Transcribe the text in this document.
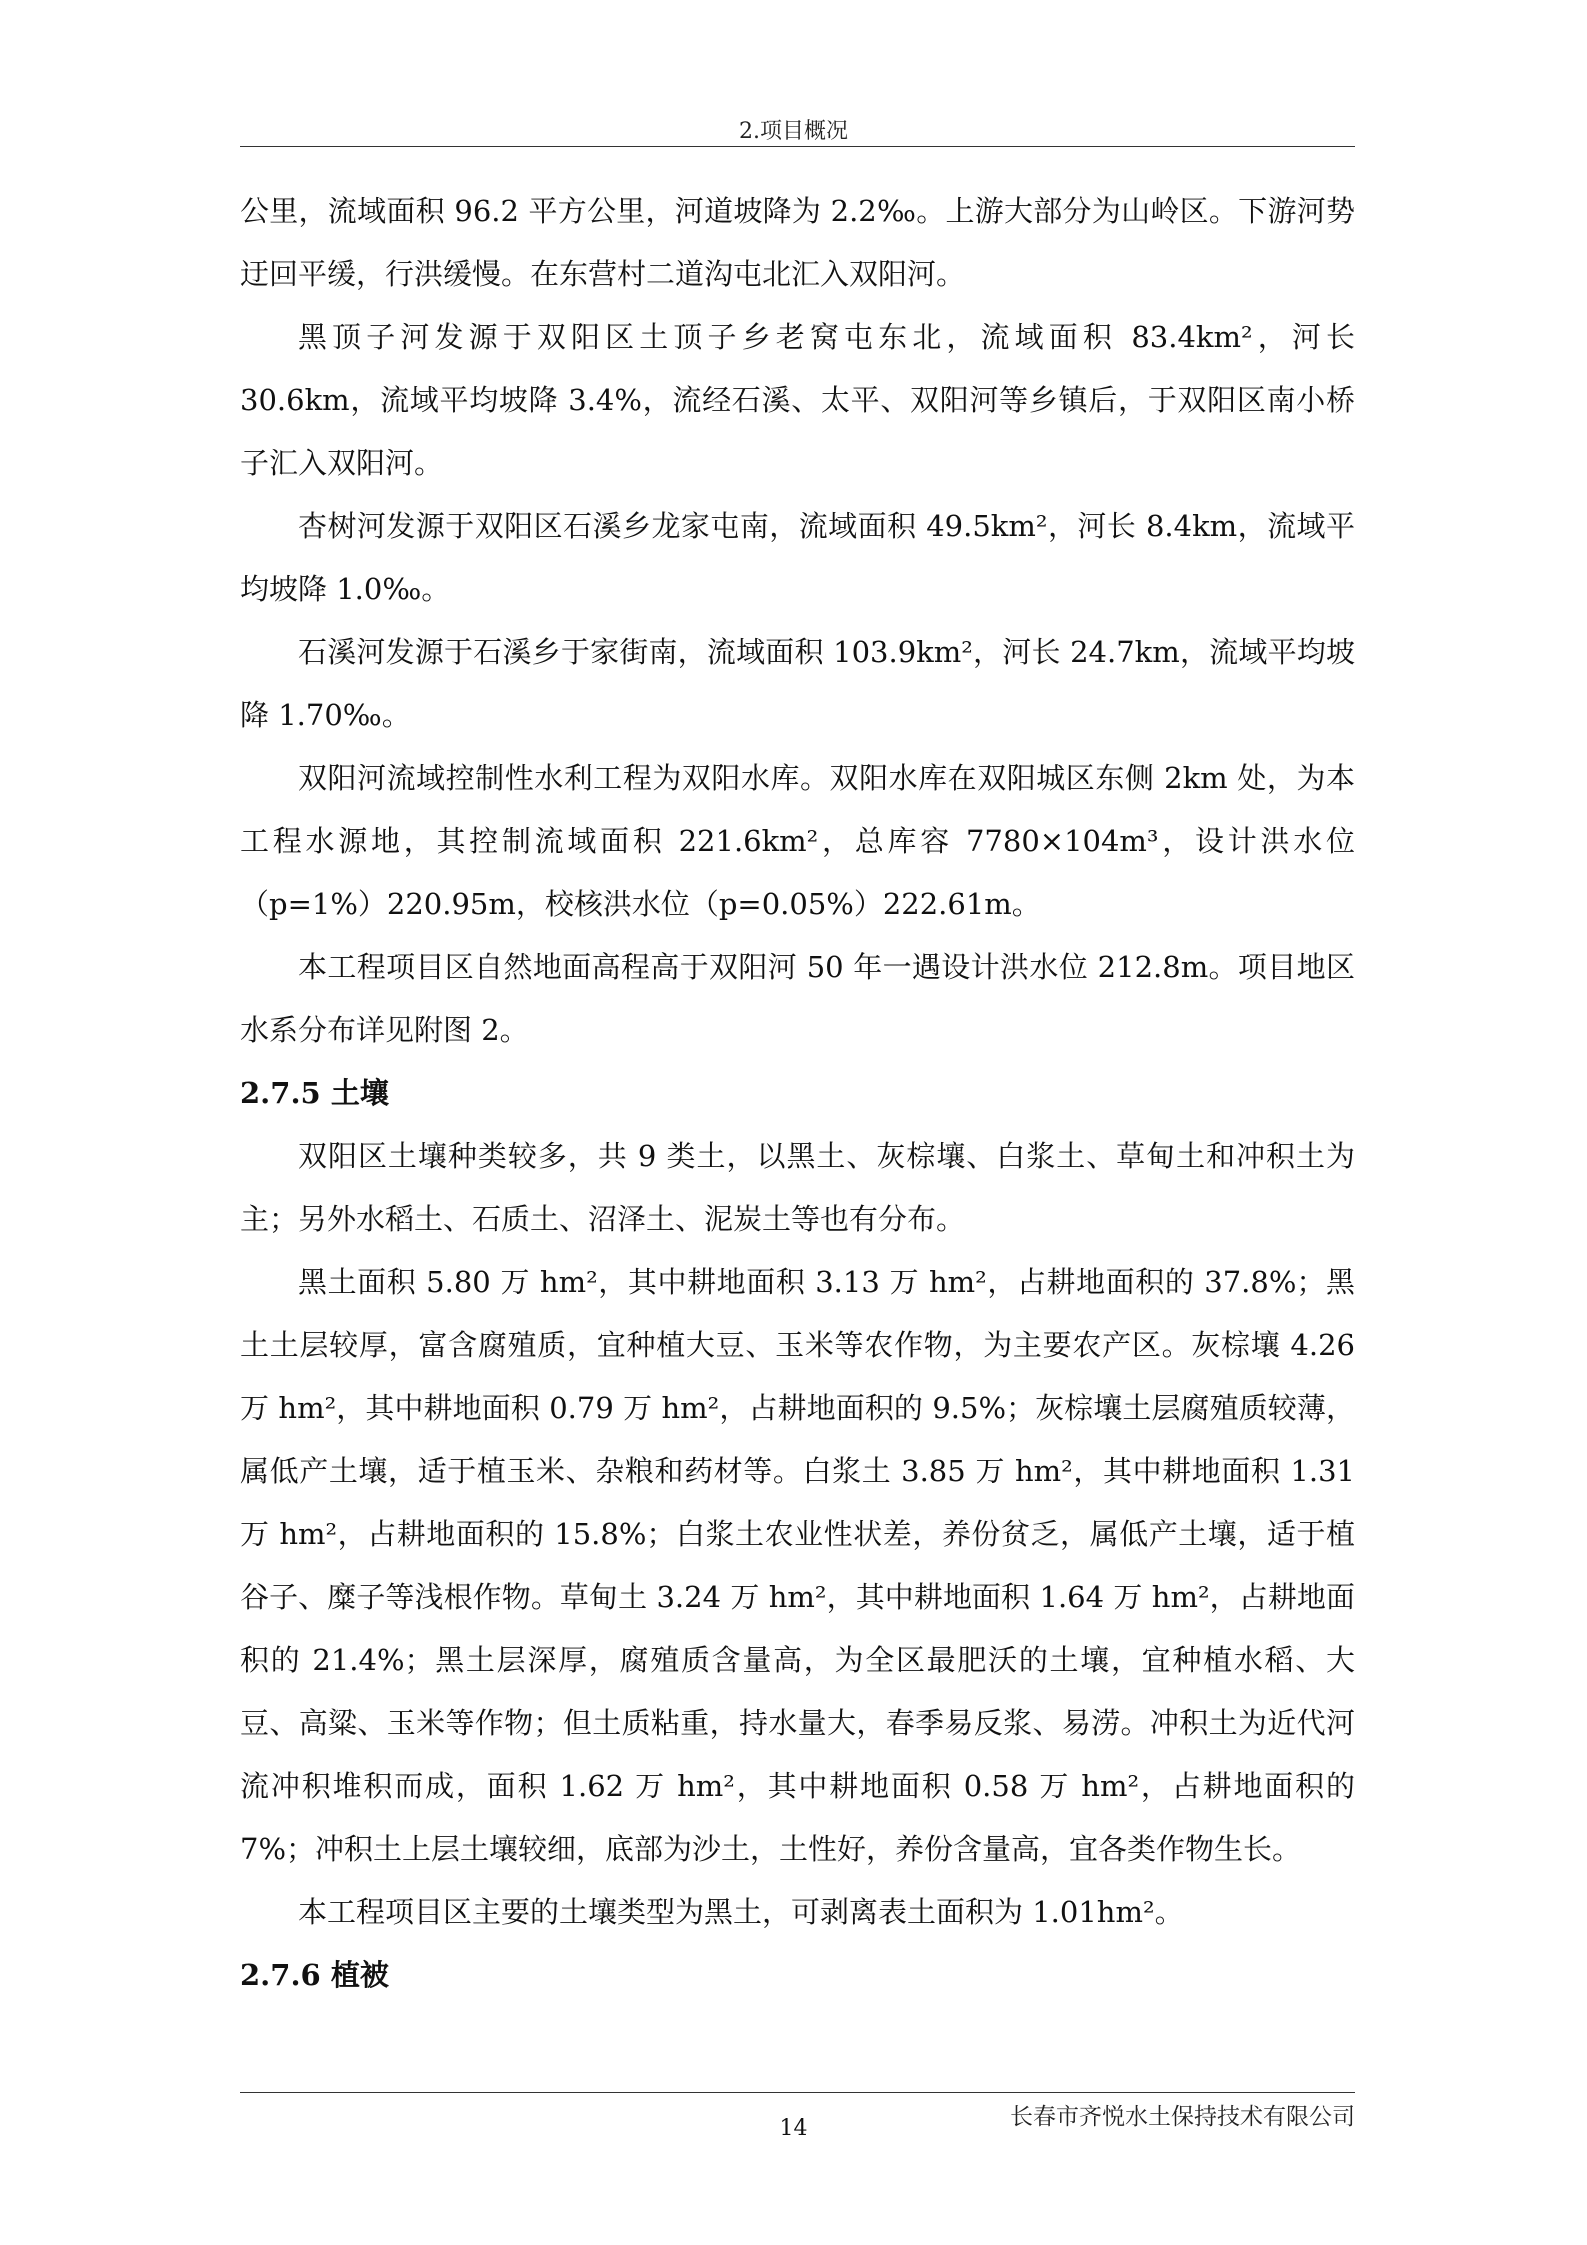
2.项目概况

公里，流域面积 96.2 平方公里，河道坡降为 2.2‰。上游大部分为山岭区。下游河势迂回平缓，行洪缓慢。在东营村二道沟屯北汇入双阳河。

黑顶子河发源于双阳区土顶子乡老窝屯东北，流域面积 83.4km²，河长 30.6km，流域平均坡降 3.4%，流经石溪、太平、双阳河等乡镇后，于双阳区南小桥子汇入双阳河。

杏树河发源于双阳区石溪乡龙家屯南，流域面积 49.5km²，河长 8.4km，流域平均坡降 1.0‰。

石溪河发源于石溪乡于家街南，流域面积 103.9km²，河长 24.7km，流域平均坡降 1.70‰。

双阳河流域控制性水利工程为双阳水库。双阳水库在双阳城区东侧 2km 处，为本工程水源地，其控制流域面积 221.6km²，总库容 7780×104m³，设计洪水位（p=1%）220.95m，校核洪水位（p=0.05%）222.61m。

本工程项目区自然地面高程高于双阳河 50 年一遇设计洪水位 212.8m。项目地区水系分布详见附图 2。

2.7.5 土壤

双阳区土壤种类较多，共 9 类土，以黑土、灰棕壤、白浆土、草甸土和冲积土为主；另外水稻土、石质土、沼泽土、泥炭土等也有分布。

黑土面积 5.80 万 hm²，其中耕地面积 3.13 万 hm²，占耕地面积的 37.8%；黑土土层较厚，富含腐殖质，宜种植大豆、玉米等农作物，为主要农产区。灰棕壤 4.26 万 hm²，其中耕地面积 0.79 万 hm²，占耕地面积的 9.5%；灰棕壤土层腐殖质较薄，属低产土壤，适于植玉米、杂粮和药材等。白浆土 3.85 万 hm²，其中耕地面积 1.31 万 hm²，占耕地面积的 15.8%；白浆土农业性状差，养份贫乏，属低产土壤，适于植谷子、糜子等浅根作物。草甸土 3.24 万 hm²，其中耕地面积 1.64 万 hm²，占耕地面积的 21.4%；黑土层深厚，腐殖质含量高，为全区最肥沃的土壤，宜种植水稻、大豆、高粱、玉米等作物；但土质粘重，持水量大，春季易反浆、易涝。冲积土为近代河流冲积堆积而成，面积 1.62 万 hm²，其中耕地面积 0.58 万 hm²，占耕地面积的 7%；冲积土上层土壤较细，底部为沙土，土性好，养份含量高，宜各类作物生长。

本工程项目区主要的土壤类型为黑土，可剥离表土面积为 1.01hm²。

2.7.6 植被
长春市齐悦水土保持技术有限公司
14
